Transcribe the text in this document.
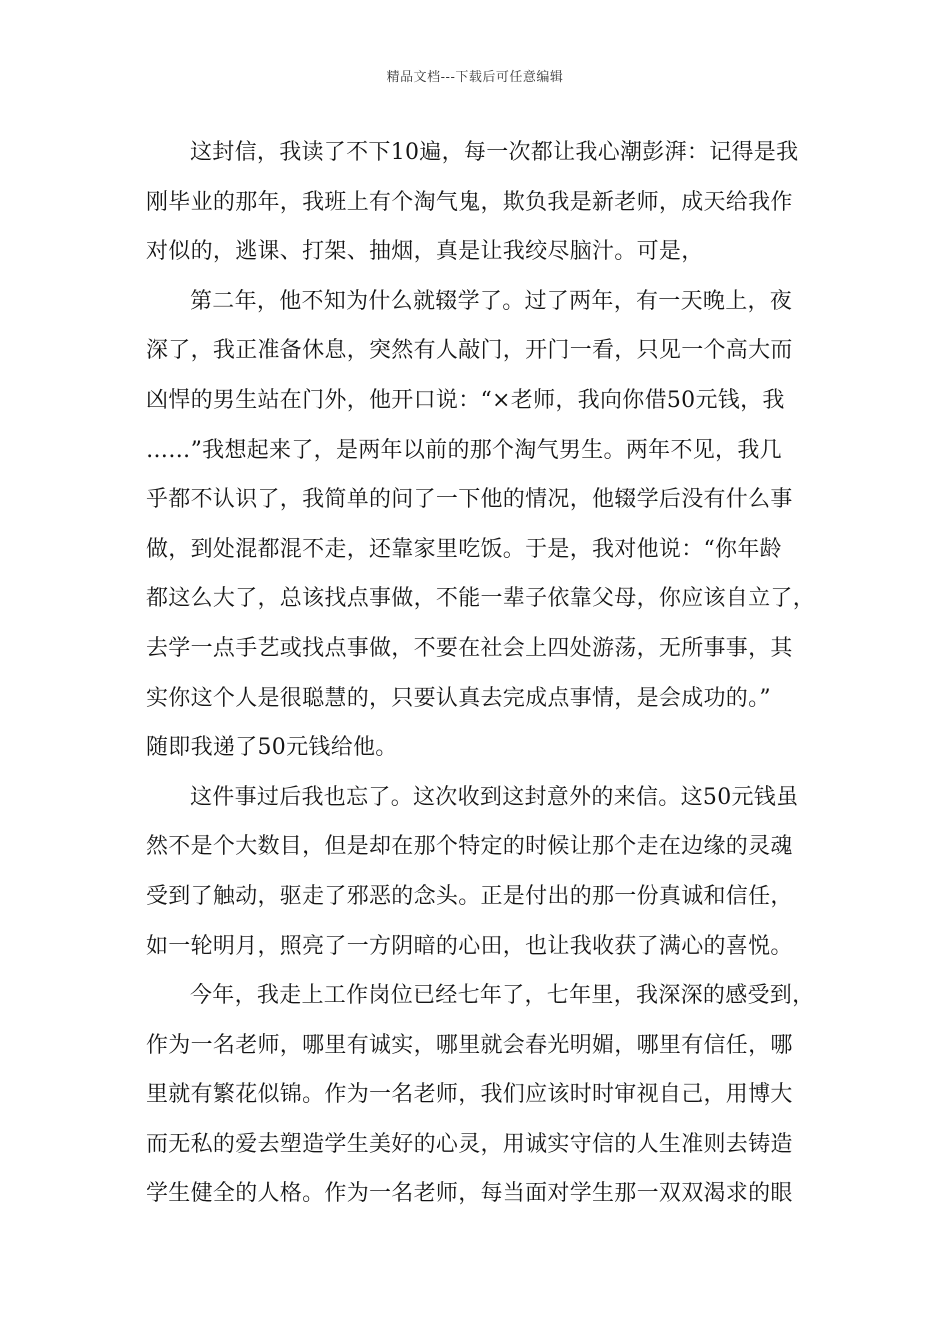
精品文档---下载后可任意编辑
这封信，我读了不下10遍，每一次都让我心潮彭湃：记得是我
刚毕业的那年，我班上有个淘气鬼，欺负我是新老师，成天给我作
对似的，逃课、打架、抽烟，真是让我绞尽脑汁。可是，
第二年，他不知为什么就辍学了。过了两年，有一天晚上，夜
深了，我正准备休息，突然有人敲门，开门一看，只见一个高大而
凶悍的男生站在门外，他开口说：“×老师，我向你借50元钱，我
……”我想起来了，是两年以前的那个淘气男生。两年不见，我几
乎都不认识了，我简单的问了一下他的情况，他辍学后没有什么事
做，到处混都混不走，还靠家里吃饭。于是，我对他说：“你年龄
都这么大了，总该找点事做，不能一辈子依靠父母，你应该自立了，
去学一点手艺或找点事做，不要在社会上四处游荡，无所事事，其
实你这个人是很聪慧的，只要认真去完成点事情，是会成功的。”
随即我递了50元钱给他。
这件事过后我也忘了。这次收到这封意外的来信。这50元钱虽
然不是个大数目，但是却在那个特定的时候让那个走在边缘的灵魂
受到了触动，驱走了邪恶的念头。正是付出的那一份真诚和信任，
如一轮明月，照亮了一方阴暗的心田，也让我收获了满心的喜悦。
今年，我走上工作岗位已经七年了，七年里，我深深的感受到，
作为一名老师，哪里有诚实，哪里就会春光明媚，哪里有信任，哪
里就有繁花似锦。作为一名老师，我们应该时时审视自己，用博大
而无私的爱去塑造学生美好的心灵，用诚实守信的人生准则去铸造
学生健全的人格。作为一名老师，每当面对学生那一双双渴求的眼
